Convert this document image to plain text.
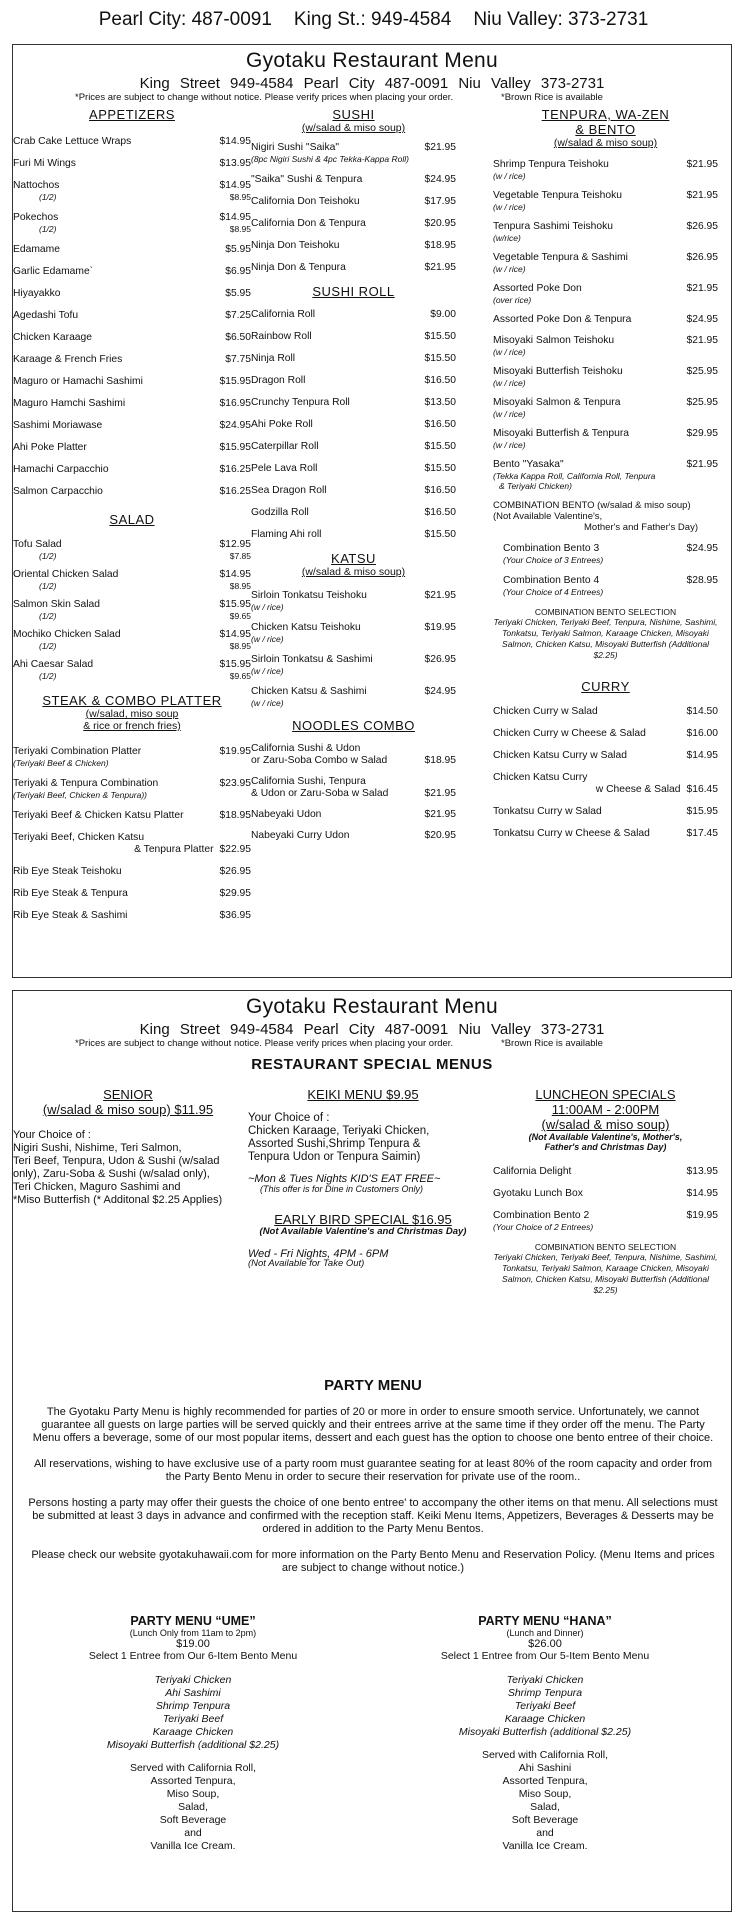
Pearl City: 487-0091 King St.: 949-4584 Niu Valley: 373-2731
Gyotaku Restaurant Menu
King Street 949-4584 Pearl City 487-0091 Niu Valley 373-2731
*Prices are subject to change without notice. Please verify prices when placing your order.	*Brown Rice is available
APPETIZERS
Crab Cake Lettuce Wraps	$14.95
Furi Mi Wings	$13.95
Nattochos	$14.95
(1/2)	$8.95
Pokechos	$14.95
(1/2)	$8.95
Edamame	$5.95
Garlic Edamame`	$6.95
Hiyayakko	$5.95
Agedashi Tofu	$7.25
Chicken Karaage	$6.50
Karaage & French Fries	$7.75
Maguro or Hamachi Sashimi	$15.95
Maguro Hamchi Sashimi	$16.95
Sashimi Moriawase	$24.95
Ahi Poke Platter	$15.95
Hamachi Carpacchio	$16.25
Salmon Carpacchio	$16.25
SALAD
Tofu Salad	$12.95
(1/2)	$7.85
Oriental Chicken Salad	$14.95
(1/2)	$8.95
Salmon Skin Salad	$15.95
(1/2)	$9.65
Mochiko Chicken Salad	$14.95
(1/2)	$8.95
Ahi Caesar Salad	$15.95
(1/2)	$9.65
STEAK & COMBO PLATTER
(w/salad, miso soup
& rice or french fries)
Teriyaki Combination Platter	$19.95
(Teriyaki Beef & Chicken)
Teriyaki & Tenpura Combination	$23.95
(Teriyaki Beef, Chicken & Tenpura))
Teriyaki Beef & Chicken Katsu Platter	$18.95
Teriyaki Beef, Chicken Katsu
& Tenpura Platter $22.95
Rib Eye Steak Teishoku	$26.95
Rib Eye Steak & Tenpura	$29.95
Rib Eye Steak & Sashimi	$36.95
SUSHI
(w/salad & miso soup)
Nigiri Sushi "Saika"	$21.95
(8pc Nigiri Sushi & 4pc Tekka-Kappa Roll)
"Saika" Sushi & Tenpura	$24.95
California Don Teishoku	$17.95
California Don & Tenpura	$20.95
Ninja Don Teishoku	$18.95
Ninja Don & Tenpura	$21.95
SUSHI ROLL
California Roll	$9.00
Rainbow Roll	$15.50
Ninja Roll	$15.50
Dragon Roll	$16.50
Crunchy Tenpura Roll	$13.50
Ahi Poke Roll	$16.50
Caterpillar Roll	$15.50
Pele Lava Roll	$15.50
Sea Dragon Roll	$16.50
Godzilla Roll	$16.50
Flaming Ahi roll	$15.50
KATSU
(w/salad & miso soup)
Sirloin Tonkatsu Teishoku	$21.95
(w / rice)
Chicken Katsu Teishoku	$19.95
(w / rice)
Sirloin Tonkatsu & Sashimi	$26.95
(w / rice)
Chicken Katsu & Sashimi	$24.95
(w / rice)
NOODLES COMBO
California Sushi & Udon
or Zaru-Soba Combo w Salad	$18.95
California Sushi, Tenpura
& Udon or Zaru-Soba w Salad	$21.95
Nabeyaki Udon	$21.95
Nabeyaki Curry Udon	$20.95
TENPURA, WA-ZEN
& BENTO
(w/salad & miso soup)
Shrimp Tenpura Teishoku	$21.95
(w / rice)
Vegetable Tenpura Teishoku	$21.95
(w / rice)
Tenpura Sashimi Teishoku	$26.95
(w/rice)
Vegetable Tenpura & Sashimi	$26.95
(w / rice)
Assorted Poke Don	$21.95
(over rice)
Assorted Poke Don & Tenpura	$24.95
Misoyaki Salmon Teishoku	$21.95
(w / rice)
Misoyaki Butterfish Teishoku	$25.95
(w / rice)
Misoyaki Salmon & Tenpura	$25.95
(w / rice)
Misoyaki Butterfish & Tenpura	$29.95
(w / rice)
Bento "Yasaka"	$21.95
(Tekka Kappa Roll, California Roll, Tenpura
& Teriyaki Chicken)
COMBINATION BENTO (w/salad & miso soup)
(Not Available Valentine's,
Mother's and Father's Day)
Combination Bento 3	$24.95
(Your Choice of 3 Entrees)
Combination Bento 4	$28.95
(Your Choice of 4 Entrees)
COMBINATION BENTO SELECTION
Teriyaki Chicken, Teriyaki Beef, Tenpura, Nishime, Sashimi, Tonkatsu, Teriyaki Salmon, Karaage Chicken, Misoyaki Salmon, Chicken Katsu, Misoyaki Butterfish (Additional $2.25)
CURRY
Chicken Curry w Salad	$14.50
Chicken Curry w Cheese & Salad	$16.00
Chicken Katsu Curry w Salad	$14.95
Chicken Katsu Curry
w Cheese & Salad $16.45
Tonkatsu Curry w Salad	$15.95
Tonkatsu Curry w Cheese & Salad	$17.45
Gyotaku Restaurant Menu
King Street 949-4584 Pearl City 487-0091 Niu Valley 373-2731
*Prices are subject to change without notice. Please verify prices when placing your order.	*Brown Rice is available
RESTAURANT SPECIAL MENUS
SENIOR
(w/salad & miso soup) $11.95
Your Choice of :
Nigiri Sushi, Nishime, Teri Salmon,
Teri Beef, Tenpura, Udon & Sushi (w/salad
only), Zaru-Soba & Sushi (w/salad only),
Teri Chicken, Maguro Sashimi and
*Miso Butterfish (* Additonal $2.25 Applies)
KEIKI MENU $9.95
Your Choice of :
Chicken Karaage, Teriyaki Chicken,
Assorted Sushi,Shrimp Tenpura &
Tenpura Udon or Tenpura Saimin)
~Mon & Tues Nights KID'S EAT FREE~
(This offer is for Dine in Customers Only)
EARLY BIRD SPECIAL $16.95
(Not Available Valentine's and Christmas Day)
Wed - Fri Nights, 4PM - 6PM
(Not Available for Take Out)
LUNCHEON SPECIALS
11:00AM - 2:00PM
(w/salad & miso soup)
(Not Available Valentine's, Mother's,
Father's and Christmas Day)
California Delight	$13.95
Gyotaku Lunch Box	$14.95
Combination Bento 2	$19.95
(Your Choice of 2 Entrees)
COMBINATION BENTO SELECTION
Teriyaki Chicken, Teriyaki Beef, Tenpura, Nishime, Sashimi, Tonkatsu, Teriyaki Salmon, Karaage Chicken, Misoyaki Salmon, Chicken Katsu, Misoyaki Butterfish (Additional $2.25)
PARTY MENU
The Gyotaku Party Menu is highly recommended for parties of 20 or more in order to ensure smooth service. Unfortunately, we cannot guarantee all guests on large parties will be served quickly and their entrees arrive at the same time if they order off the menu. The Party Menu offers a beverage, some of our most popular items, dessert and each guest has the option to choose one bento entree of their choice.
All reservations, wishing to have exclusive use of a party room must guarantee seating for at least 80% of the room capacity and order from the Party Bento Menu in order to secure their reservation for private use of the room..
Persons hosting a party may offer their guests the choice of one bento entree' to accompany the other items on that menu. All selections must be submitted at least 3 days in advance and confirmed with the reception staff. Keiki Menu Items, Appetizers, Beverages & Desserts may be ordered in addition to the Party Menu Bentos.
Please check our website gyotakuhawaii.com for more information on the Party Bento Menu and Reservation Policy. (Menu Items and prices are subject to change without notice.)
PARTY MENU “UME”
(Lunch Only from 11am to 2pm)
$19.00
Select 1 Entree from Our 6-Item Bento Menu
Teriyaki Chicken
Ahi Sashimi
Shrimp Tenpura
Teriyaki Beef
Karaage Chicken
Misoyaki Butterfish (additional $2.25)
Served with California Roll,
Assorted Tenpura,
Miso Soup,
Salad,
Soft Beverage
and
Vanilla Ice Cream.
PARTY MENU “HANA”
(Lunch and Dinner)
$26.00
Select 1 Entree from Our 5-Item Bento Menu
Teriyaki Chicken
Shrimp Tenpura
Teriyaki Beef
Karaage Chicken
Misoyaki Butterfish (additional $2.25)
Served with California Roll,
Ahi Sashini
Assorted Tenpura,
Miso Soup,
Salad,
Soft Beverage
and
Vanilla Ice Cream.
